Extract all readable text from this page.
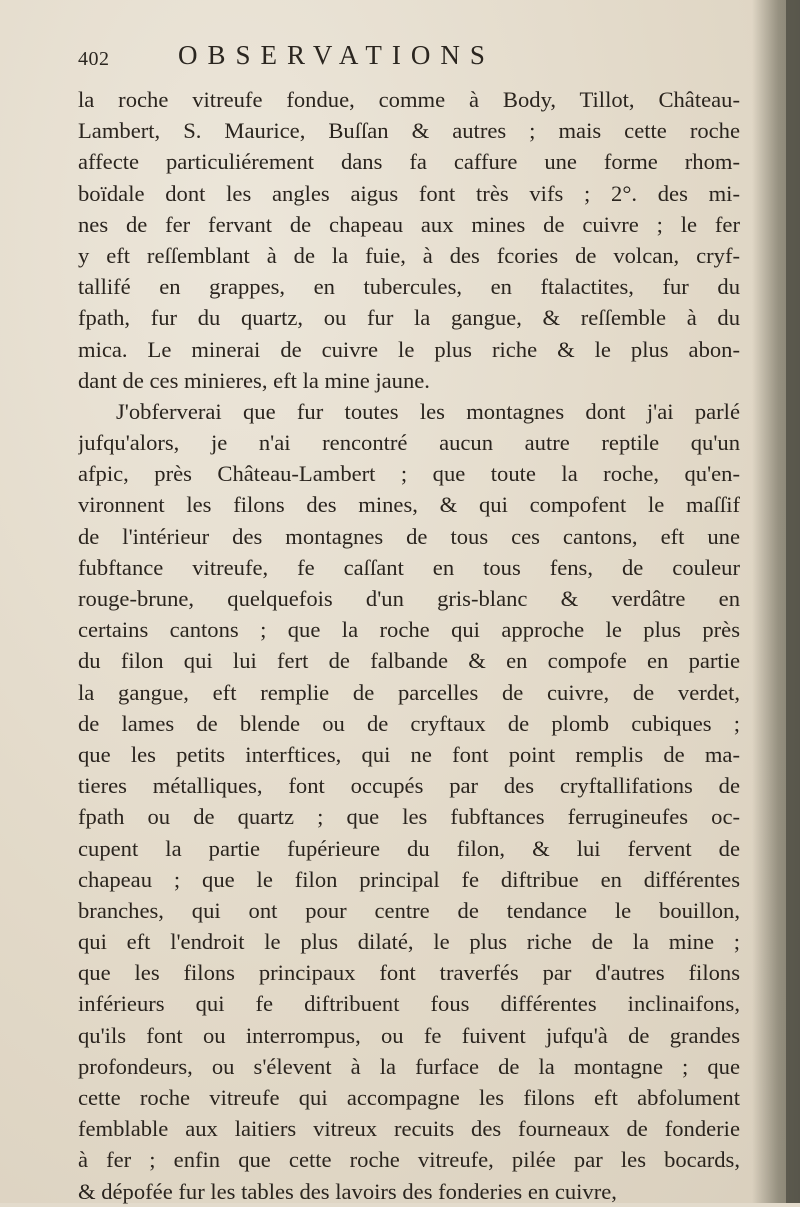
402	OBSERVATIONS
la roche vitreufe fondue, comme à Body, Tillot, Château-
Lambert, S. Maurice, Buſſan & autres ; mais cette roche
affecte particuliérement dans fa caffure une forme rhom-
boïdale dont les angles aigus font très vifs ; 2°. des mi-
nes de fer fervant de chapeau aux mines de cuivre ; le fer
y eft reſſemblant à de la fuie, à des fcories de volcan, cryf-
tallifé en grappes, en tubercules, en ftalactites, fur du
fpath, fur du quartz, ou fur la gangue, & reſſemble à du
mica. Le minerai de cuivre le plus riche & le plus abon-
dant de ces minieres, eft la mine jaune.
J'obferverai que fur toutes les montagnes dont j'ai parlé
jufqu'alors, je n'ai rencontré aucun autre reptile qu'un
afpic, près Château-Lambert ; que toute la roche, qu'en-
vironnent les filons des mines, & qui compofent le maſſif
de l'intérieur des montagnes de tous ces cantons, eft une
fubftance vitreufe, fe caſſant en tous fens, de couleur
rouge-brune, quelquefois d'un gris-blanc & verdâtre en
certains cantons ; que la roche qui approche le plus près
du filon qui lui fert de falbande & en compofe en partie
la gangue, eft remplie de parcelles de cuivre, de verdet,
de lames de blende ou de cryftaux de plomb cubiques ;
que les petits interftices, qui ne font point remplis de ma-
tieres métalliques, font occupés par des cryftallifations de
fpath ou de quartz ; que les fubftances ferrugineufes oc-
cupent la partie fupérieure du filon, & lui fervent de
chapeau ; que le filon principal fe diftribue en différentes
branches, qui ont pour centre de tendance le bouillon,
qui eft l'endroit le plus dilaté, le plus riche de la mine ;
que les filons principaux font traverfés par d'autres filons
inférieurs qui fe diftribuent fous différentes inclinaifons,
qu'ils font ou interrompus, ou fe fuivent jufqu'à de grandes
profondeurs, ou s'élevent à la furface de la montagne ; que
cette roche vitreufe qui accompagne les filons eft abfolument
femblable aux laitiers vitreux recuits des fourneaux de fonderie
à fer ; enfin que cette roche vitreufe, pilée par les bocards,
& dépofée fur les tables des lavoirs des fonderies en cuivre,
